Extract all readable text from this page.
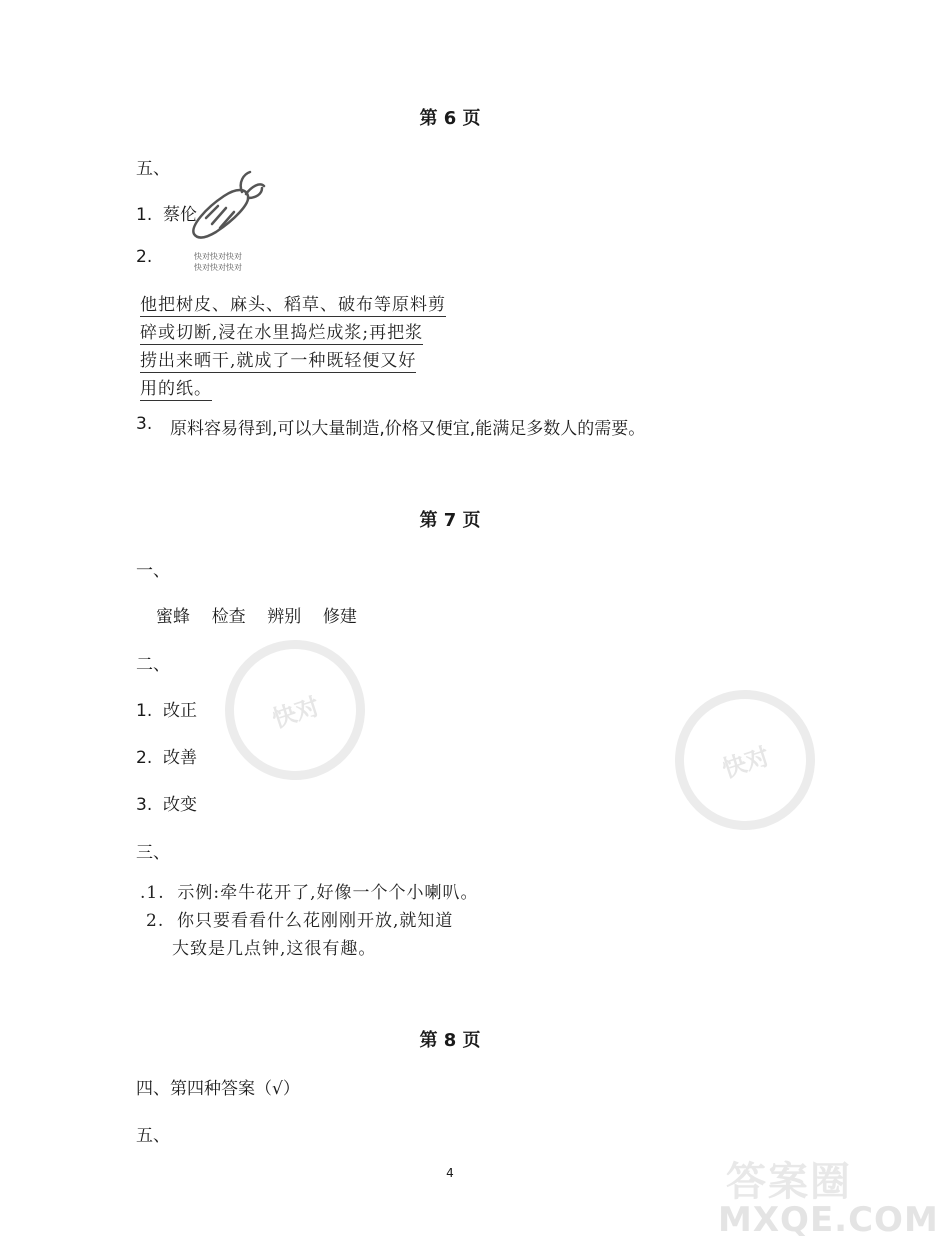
第 6 页
五、
1.  蔡伦
2.	快对快对快对
快对快对快对
他把树皮、麻头、稻草、破布等原料剪
碎或切断,浸在水里捣烂成浆;再把浆
捞出来晒干,就成了一种既轻便又好
用的纸。
3. 原料容易得到,可以大量制造,价格又便宜,能满足多数人的需要。
第 7 页
一、
蜜蜂    检查    辨别    修建
二、
1.  改正
2.  改善
3.  改变
三、
快对
快对
.1.  示例:牵牛花开了,好像一个个小喇叭。
2.  你只要看看什么花刚刚开放,就知道
大致是几点钟,这很有趣。
第 8 页
四、第四种答案（√）
五、
4	答案圈
MXQE.COM
